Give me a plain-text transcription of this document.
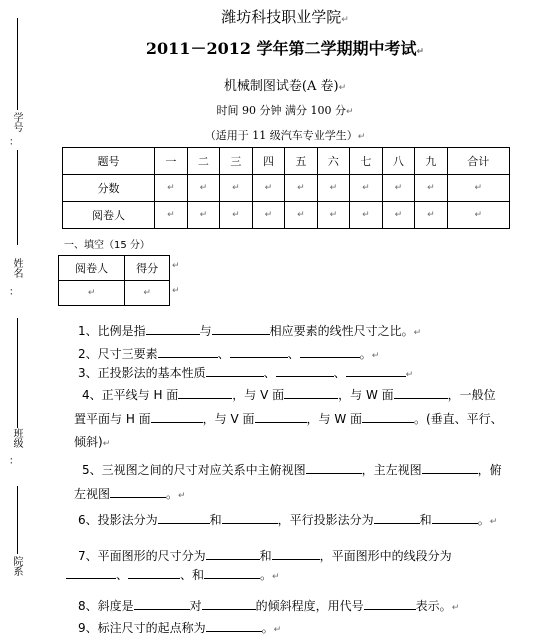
学号
：
姓名
：
班级
：
院系
潍坊科技职业学院↵
2011－2012 学年第二学期期中考试↵
机械制图试卷(A 卷)↵
时间 90 分钟 满分 100 分↵
（适用于 11 级汽车专业学生）↵
题号	一	二	三	四	五	六	七	八	九	合计
分数	↵	↵	↵	↵	↵	↵	↵	↵	↵	↵
阅卷人	↵	↵	↵	↵	↵	↵	↵	↵	↵	↵
一、填空（15 分）
阅卷人	得分
↵	↵
↵
↵
1、比例是指	与	相应要素的线性尺寸之比。↵
2、尺寸三要素	、	、	。↵
3、正投影法的基本性质	、	、	↵
4、正平线与 H 面	，与 V 面	，与 W 面	，一般位
置平面与 H 面	，与 V 面	，与 W 面	。(垂直、平行、
倾斜)↵
5、三视图之间的尺寸对应关系中主俯视图	，主左视图	，俯
左视图	。↵
6、投影法分为	和	，平行投影法分为	和	。↵
7、平面图形的尺寸分为	和	，平面图形中的线段分为
、	、和	。↵
8、斜度是	对	的倾斜程度，用代号	表示。↵
9、标注尺寸的起点称为	。↵
